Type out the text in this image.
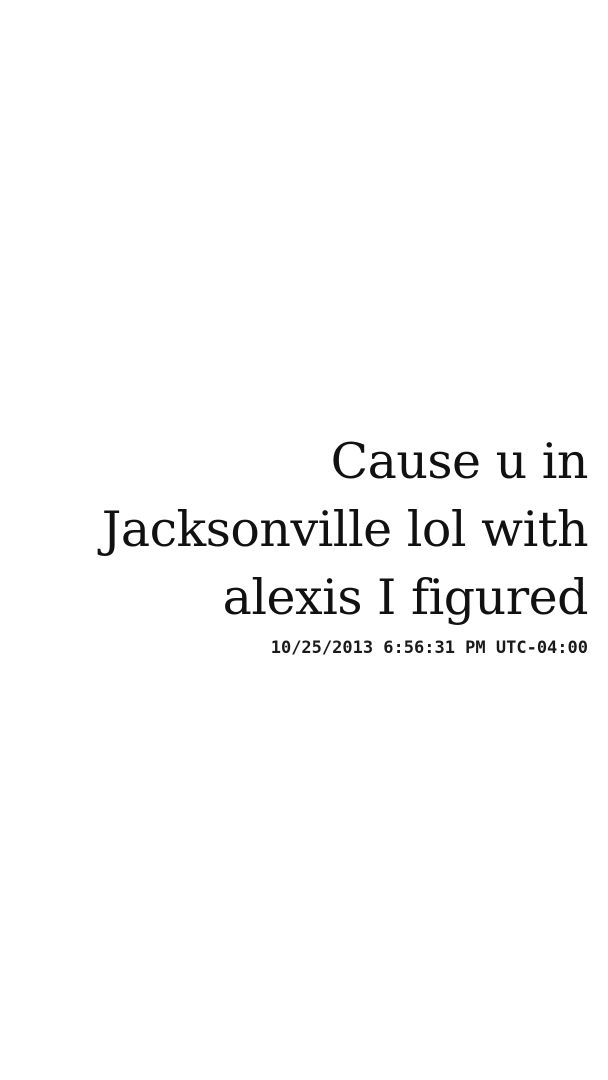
Cause u in
Jacksonville lol with
alexis I figured

10/25/2013 6:56:31 PM UTC-04:00
